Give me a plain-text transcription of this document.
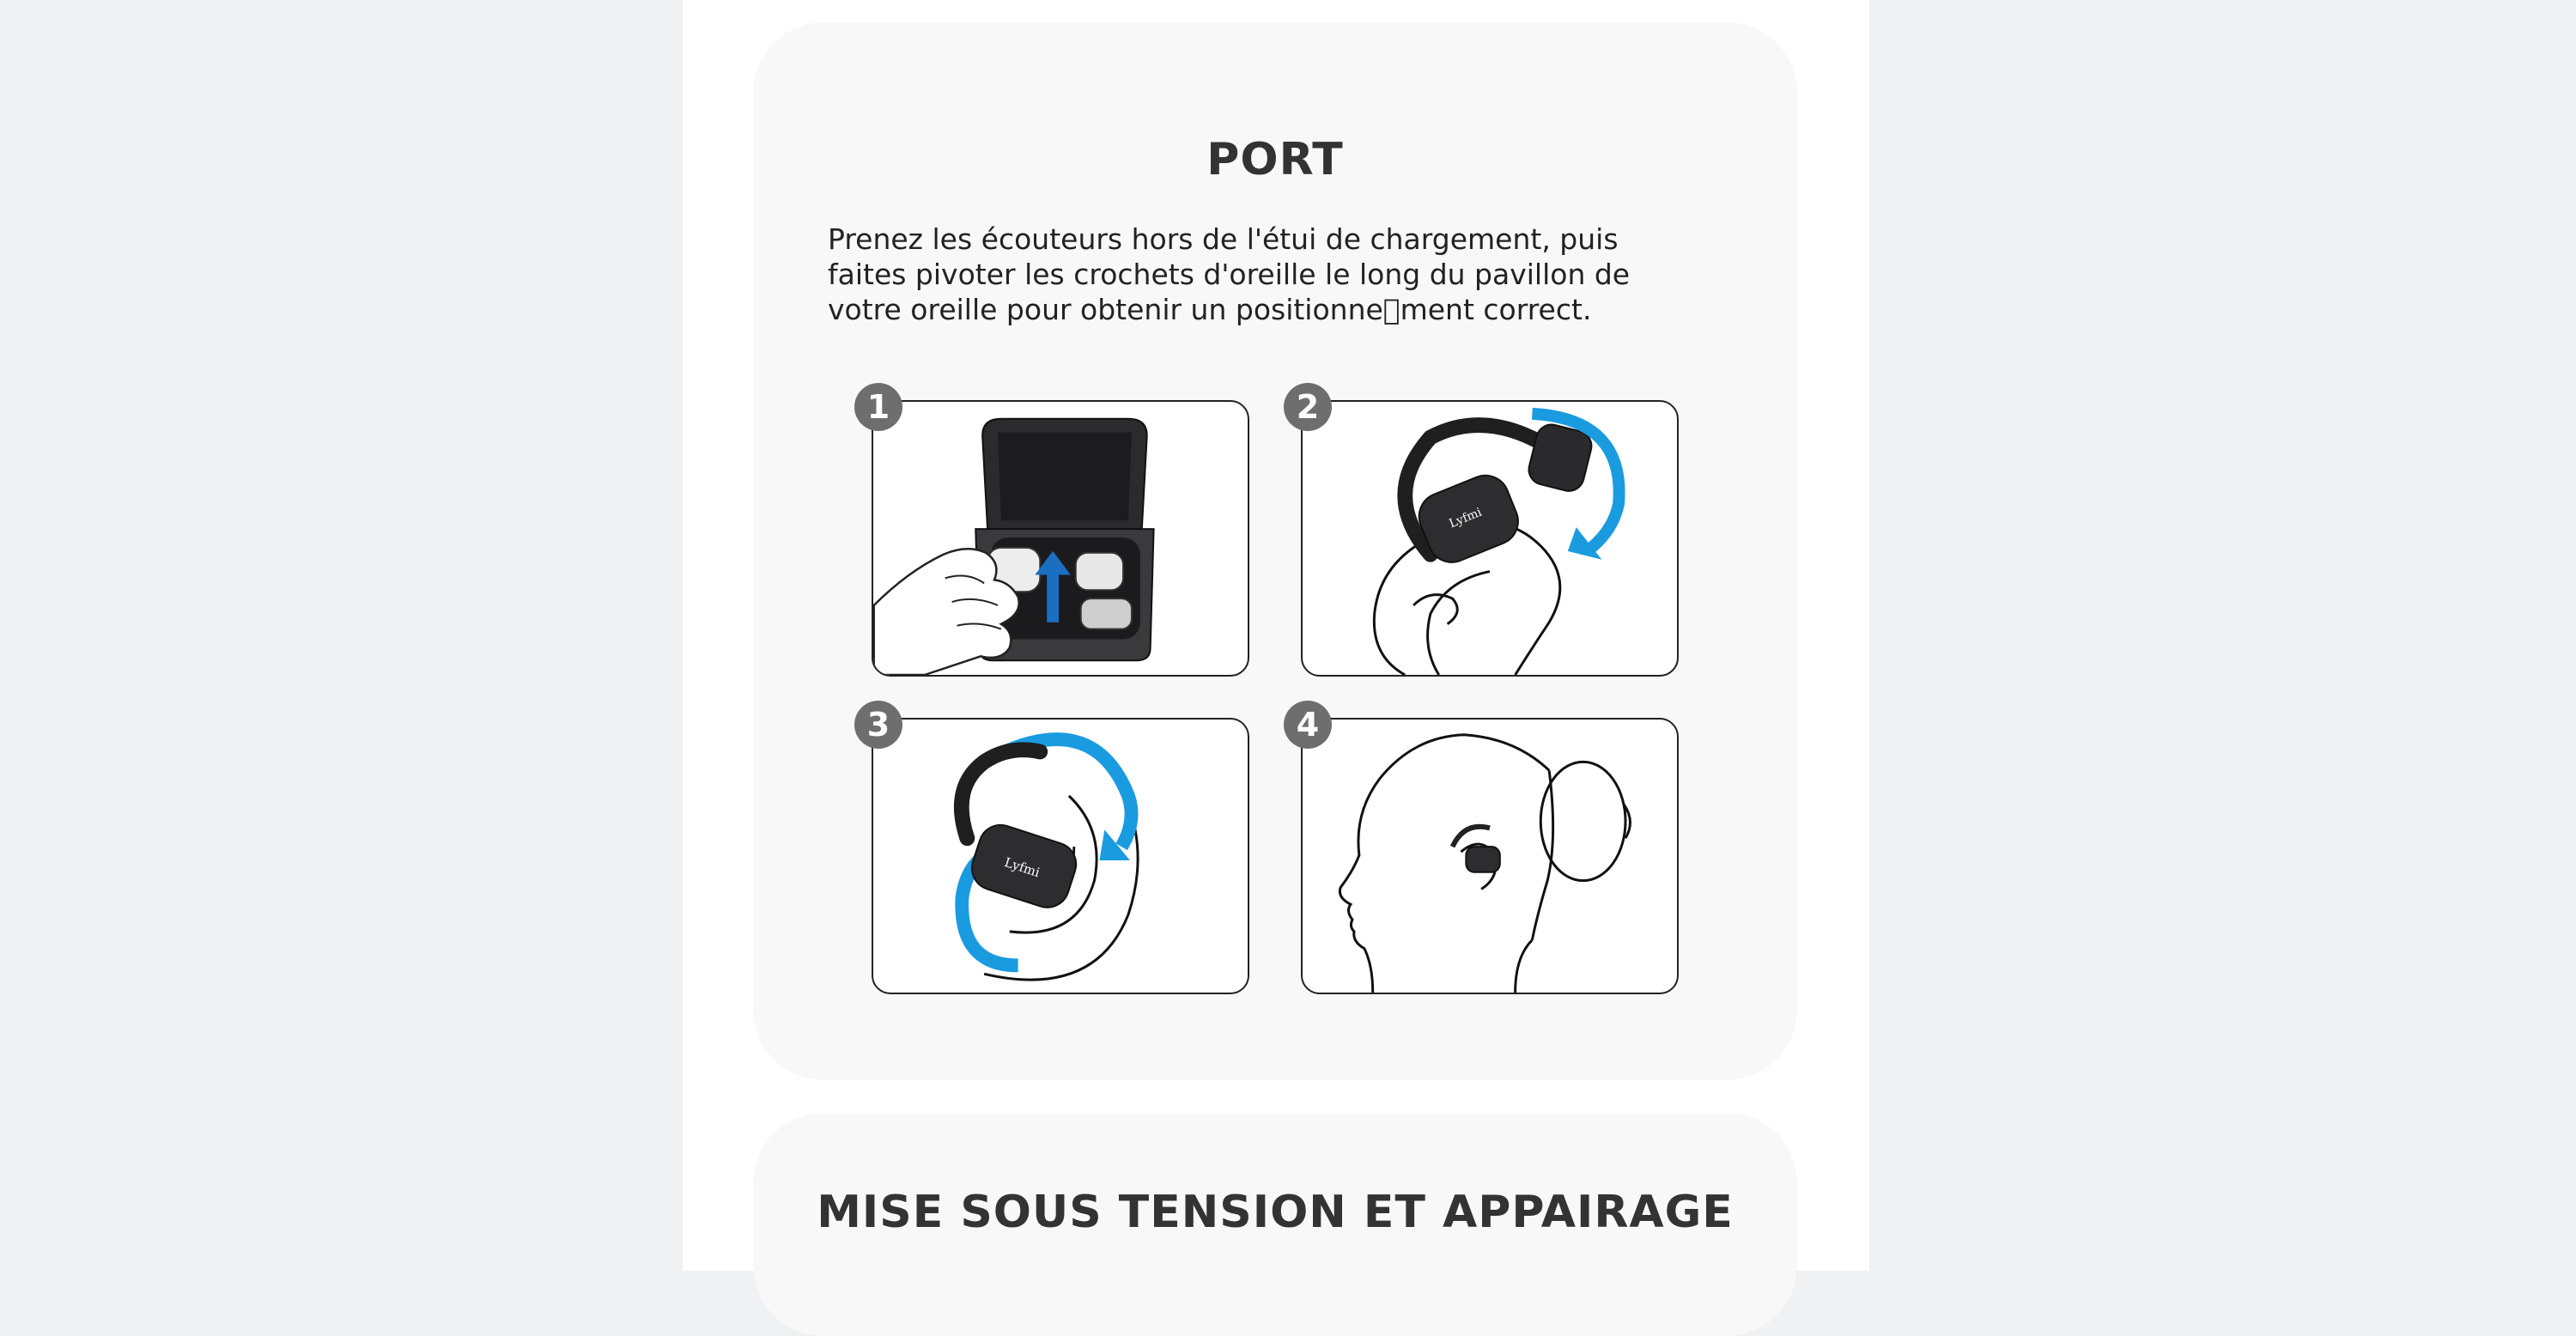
PORT

Prenez les écouteurs hors de l'étui de chargement, puis faites pivoter les crochets d'oreille le long du pavillon de votre oreille pour obtenir un positionne ment correct.

1
Lyfmi
2
Lyfmi
3	4
MISE SOUS TENSION ET APPAIRAGE
